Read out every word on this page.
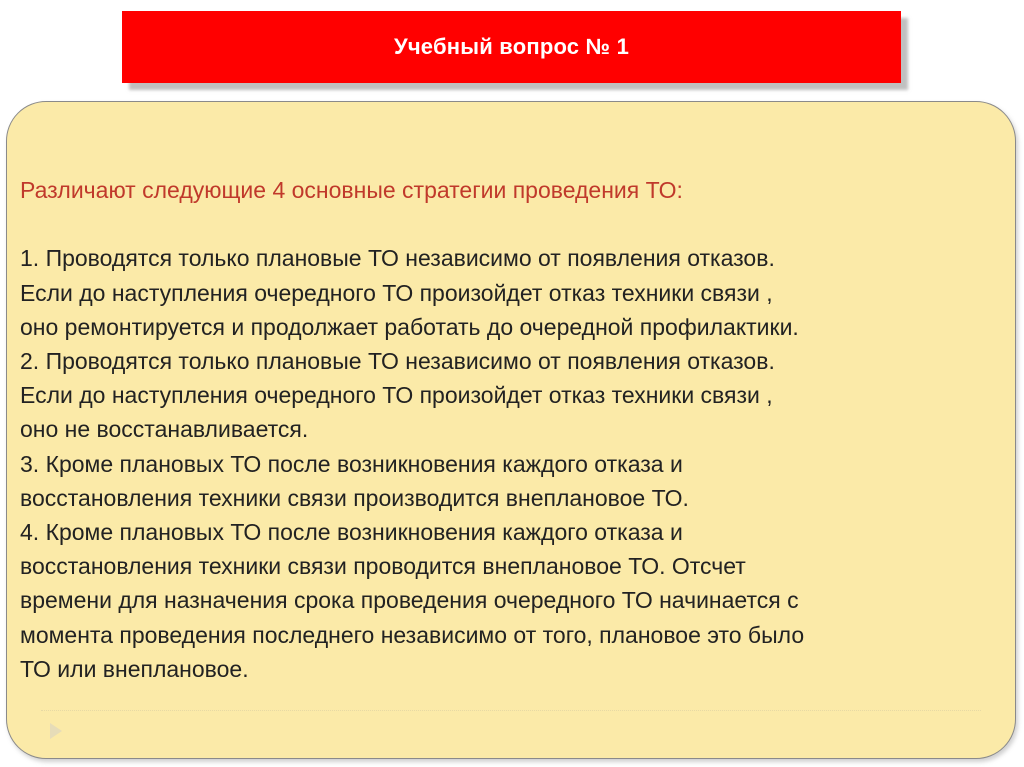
Учебный вопрос № 1

Различают следующие 4 основные стратегии проведения ТО:

1. Проводятся только плановые ТО независимо от появления отказов.

Если до наступления очередного ТО произойдет отказ техники связи ,

оно ремонтируется и продолжает работать до очередной профилактики.

2. Проводятся только плановые ТО независимо от появления отказов.

Если до наступления очередного ТО произойдет отказ техники связи ,

оно не восстанавливается.

3. Кроме плановых ТО после возникновения каждого отказа и

восстановления техники связи производится внеплановое ТО.

4. Кроме плановых ТО после возникновения каждого отказа и

восстановления техники связи проводится внеплановое ТО. Отсчет

времени для назначения срока проведения очередного ТО начинается с

момента проведения последнего независимо от того, плановое это было

ТО или внеплановое.
